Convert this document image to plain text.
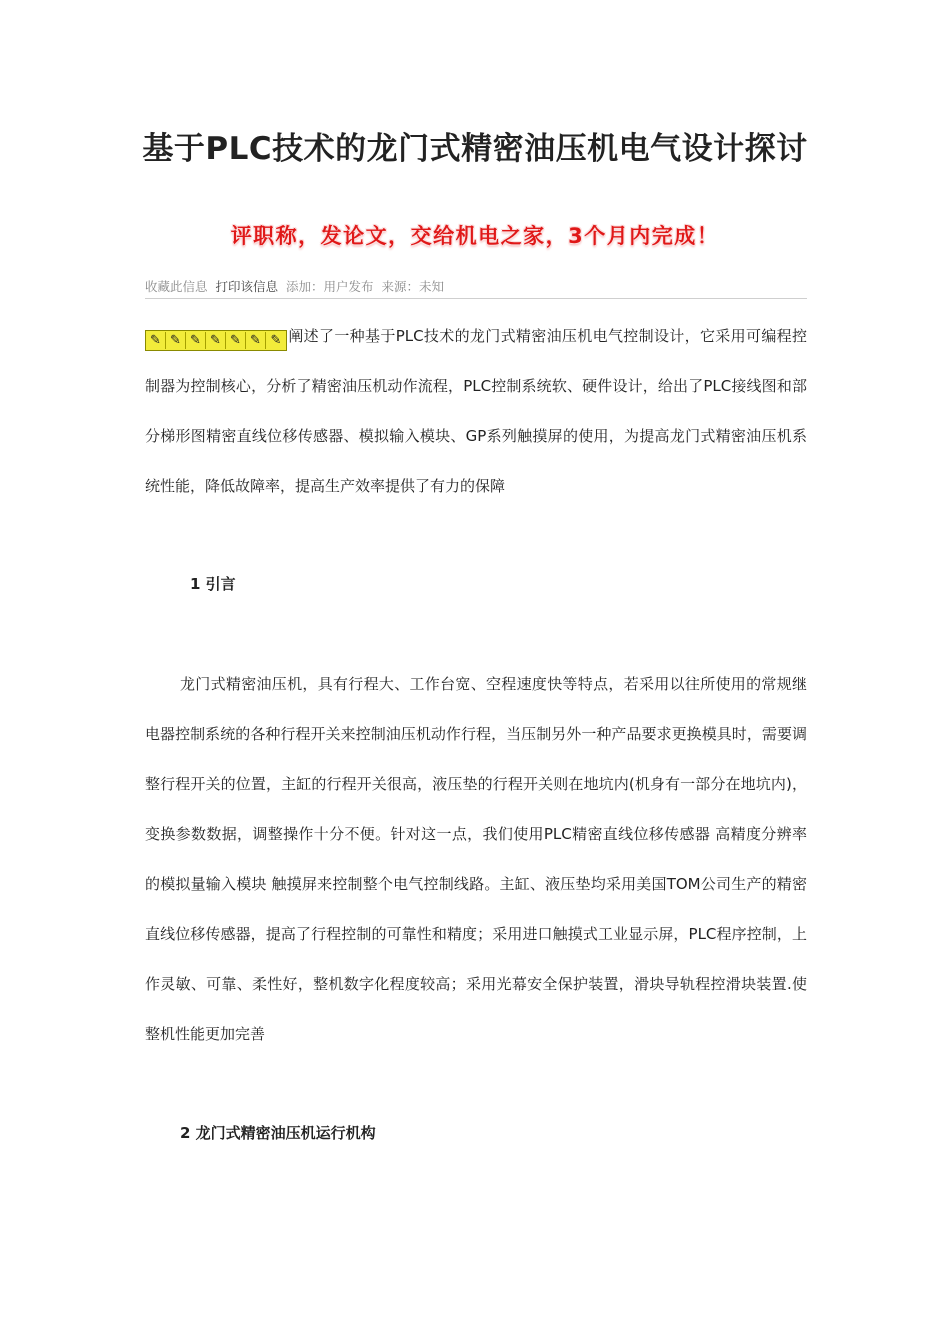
基于PLC技术的龙门式精密油压机电气设计探讨
评职称，发论文，交给机电之家，3个月内完成！
收藏此信息 打印该信息 添加：用户发布 来源：未知
✎ ✎ ✎ ✎ ✎ ✎ ✎ 阐述了一种基于PLC技术的龙门式精密油压机电气控制设计，它采用可编程控制器为控制核心，分析了精密油压机动作流程，PLC控制系统软、硬件设计，给出了PLC接线图和部分梯形图精密直线位移传感器、模拟输入模块、GP系列触摸屏的使用，为提高龙门式精密油压机系统性能，降低故障率，提高生产效率提供了有力的保障
1 引言
龙门式精密油压机，具有行程大、工作台宽、空程速度快等特点，若采用以往所使用的常规继电器控制系统的各种行程开关来控制油压机动作行程，当压制另外一种产品要求更换模具时，需要调整行程开关的位置，主缸的行程开关很高，液压垫的行程开关则在地坑内(机身有一部分在地坑内)，变换参数数据，调整操作十分不便。针对这一点，我们使用PLC精密直线位移传感器 高精度分辨率的模拟量输入模块 触摸屏来控制整个电气控制线路。主缸、液压垫均采用美国TOM公司生产的精密直线位移传感器，提高了行程控制的可靠性和精度；采用进口触摸式工业显示屏，PLC程序控制，上作灵敏、可靠、柔性好，整机数字化程度较高；采用光幕安全保护装置，滑块导轨程控滑块装置.使整机性能更加完善
2 龙门式精密油压机运行机构
